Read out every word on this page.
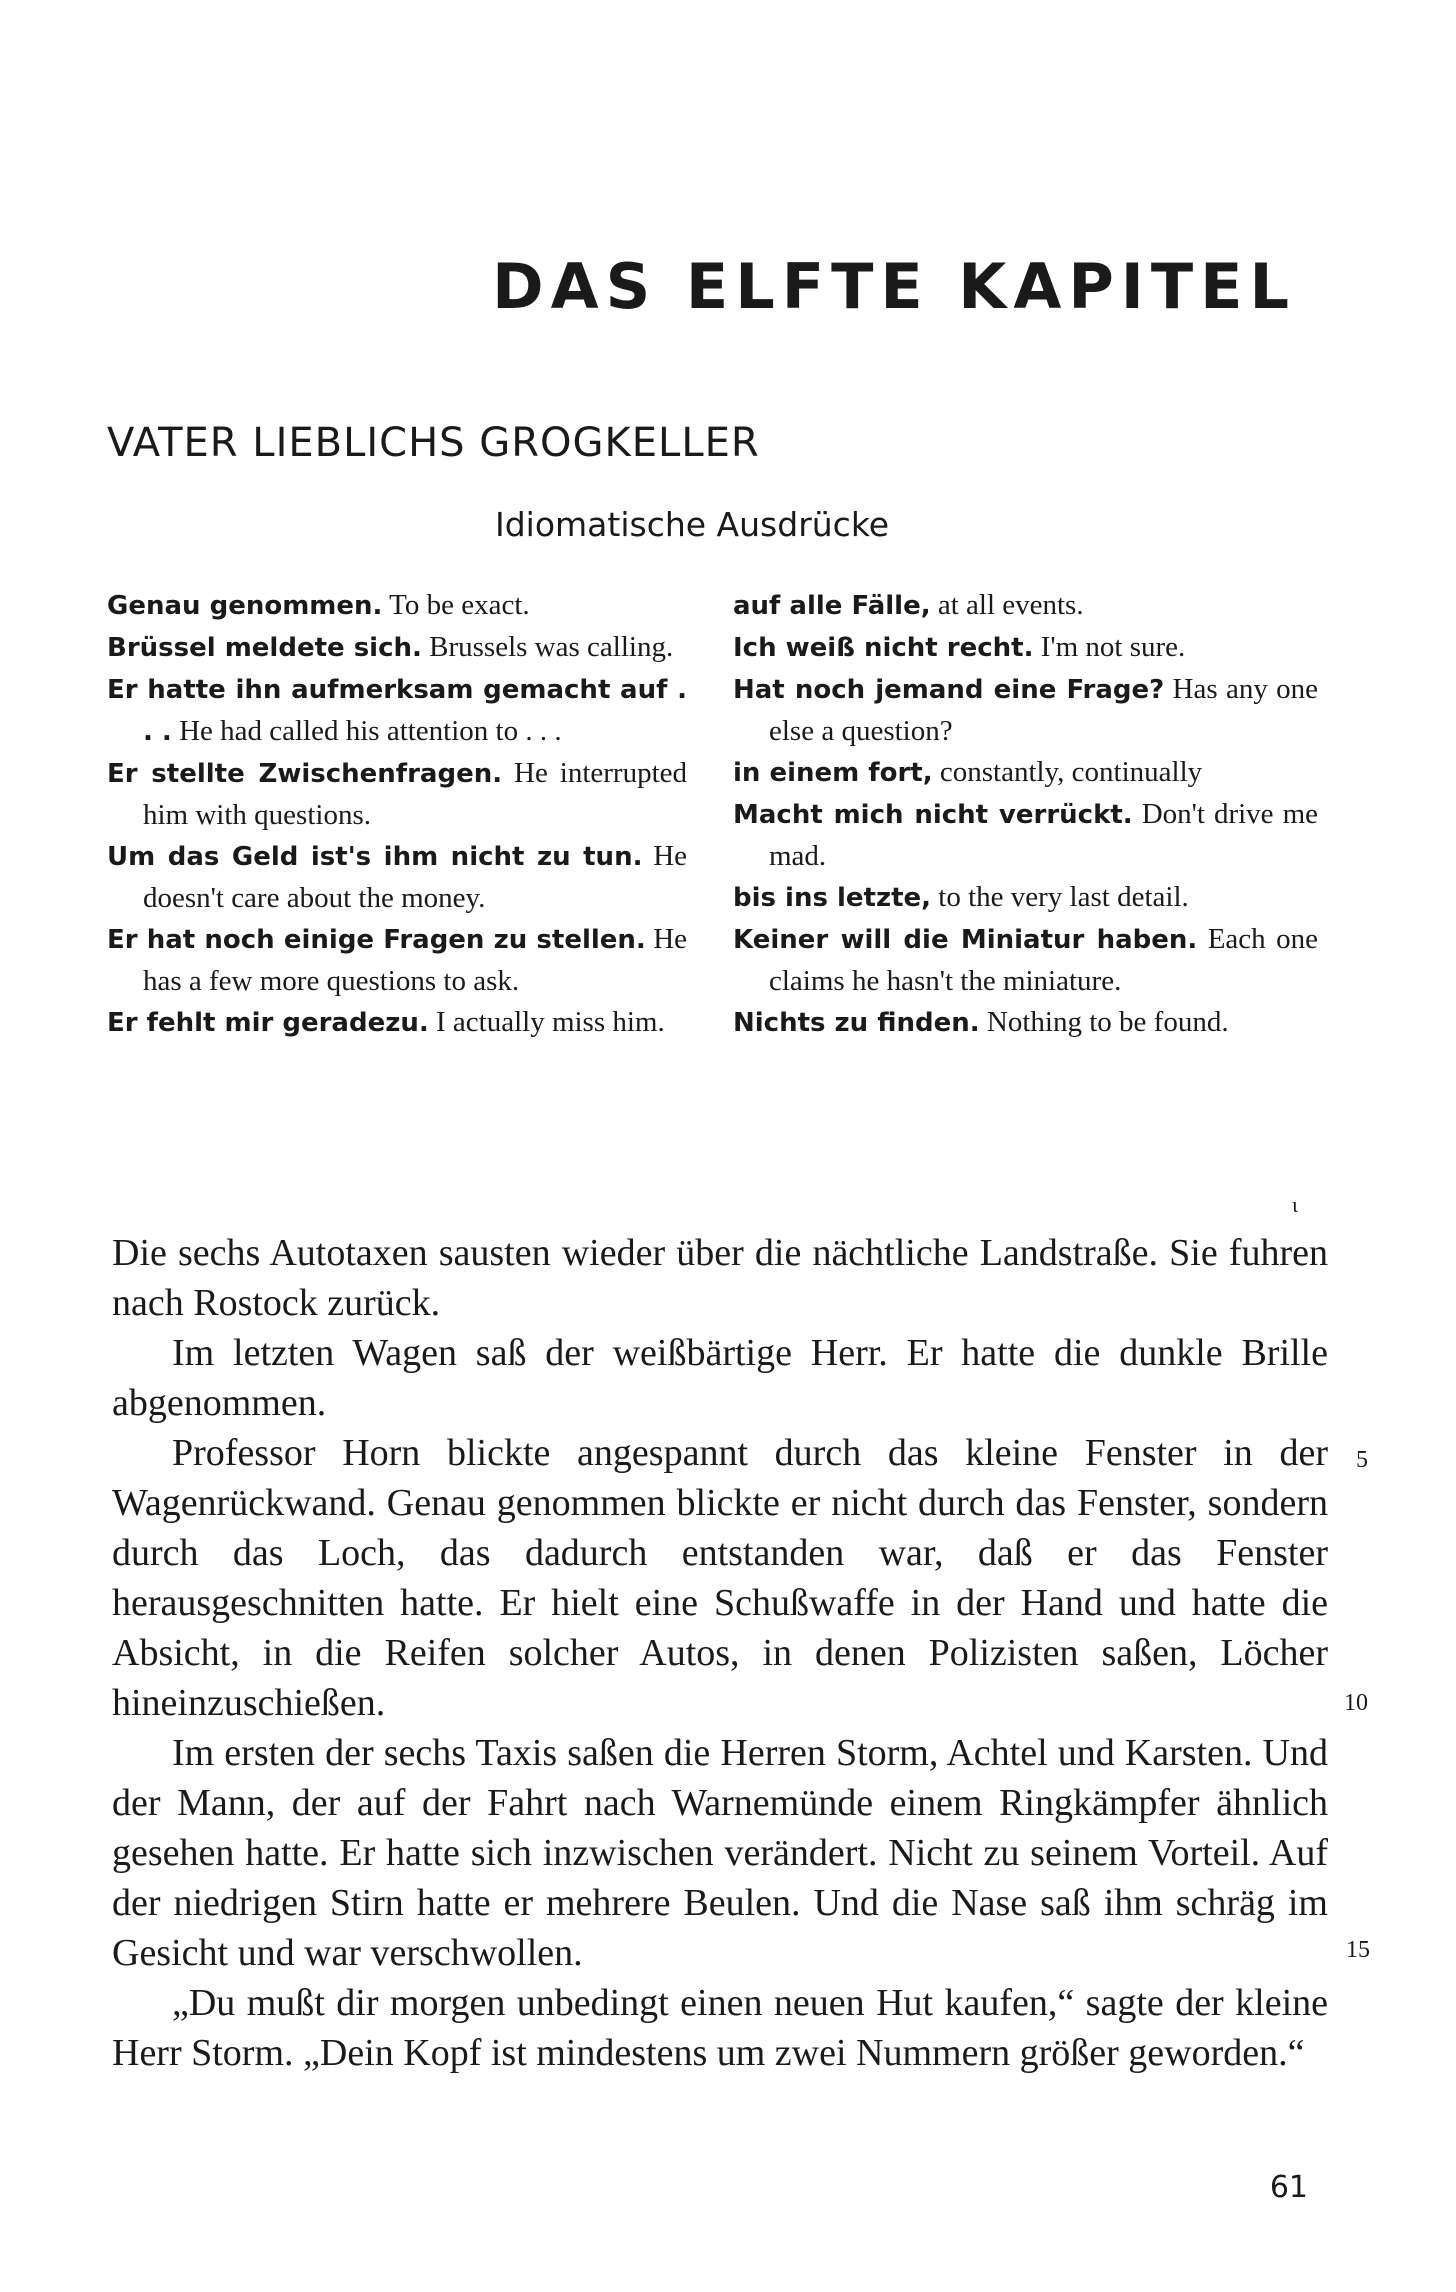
DAS ELFTE KAPITEL
VATER LIEBLICHS GROGKELLER
Idiomatische Ausdrücke

Genau genommen. To be exact.

Brüssel meldete sich. Brussels was calling.

Er hatte ihn aufmerksam gemacht auf . . . He had called his attention to . . .

Er stellte Zwischenfragen. He interrupted him with questions.

Um das Geld ist's ihm nicht zu tun. He doesn't care about the money.

Er hat noch einige Fragen zu stellen. He has a few more questions to ask.

Er fehlt mir geradezu. I actually miss him.

auf alle Fälle, at all events.

Ich weiß nicht recht. I'm not sure.

Hat noch jemand eine Frage? Has any one else a question?

in einem fort, constantly, continually

Macht mich nicht verrückt. Don't drive me mad.

bis ins letzte, to the very last detail.

Keiner will die Miniatur haben. Each one claims he hasn't the miniature.

Nichts zu finden. Nothing to be found.

ɩ

Die sechs Autotaxen sausten wieder über die nächtliche Landstraße. Sie fuhren nach Rostock zurück.

Im letzten Wagen saß der weißbärtige Herr. Er hatte die dunkle Brille abgenommen.

Professor Horn blickte angespannt durch das kleine Fenster in der Wagenrückwand. Genau genommen blickte er nicht durch das Fenster, sondern durch das Loch, das dadurch entstanden war, daß er das Fenster herausgeschnitten hatte. Er hielt eine Schußwaffe in der Hand und hatte die Absicht, in die Reifen solcher Autos, in denen Polizisten saßen, Löcher hineinzuschießen.

Im ersten der sechs Taxis saßen die Herren Storm, Achtel und Karsten. Und der Mann, der auf der Fahrt nach Warnemünde einem Ringkämpfer ähnlich gesehen hatte. Er hatte sich inzwischen verändert. Nicht zu seinem Vorteil. Auf der niedrigen Stirn hatte er mehrere Beulen. Und die Nase saß ihm schräg im Gesicht und war verschwollen.

„Du mußt dir morgen unbedingt einen neuen Hut kaufen,“ sagte der kleine Herr Storm. „Dein Kopf ist mindestens um zwei Nummern größer geworden.“

5
10
15
61
